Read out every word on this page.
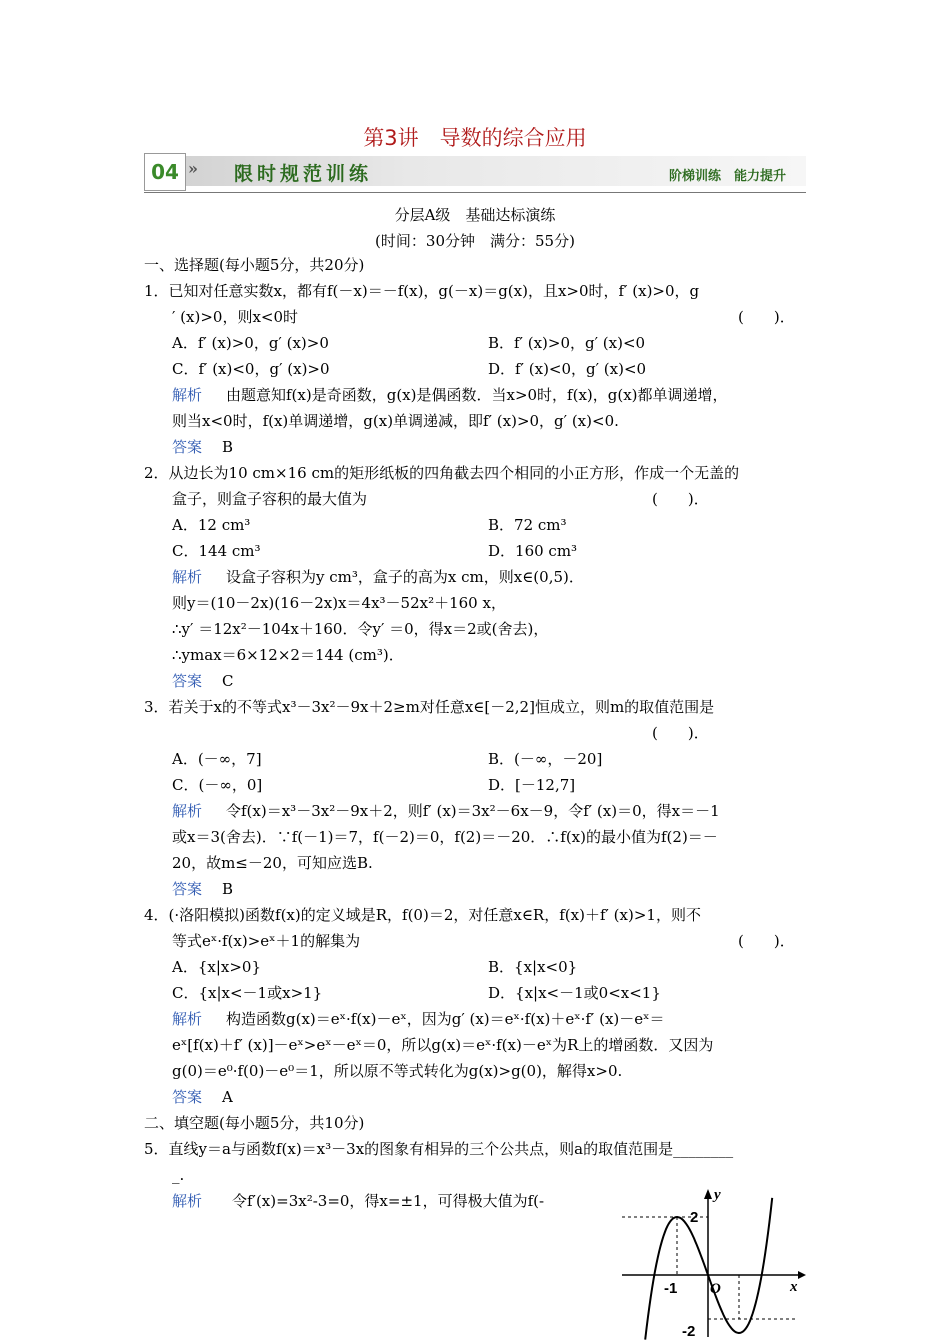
第3讲　导数的综合应用
04 » 限时规范训练	阶梯训练　能力提升
分层A级　基础达标演练
(时间：30分钟　满分：55分)
一、选择题(每小题5分，共20分)
1．已知对任意实数x，都有f(－x)＝－f(x)，g(－x)＝g(x)，且x>0时，f′ (x)>0，g
′ (x)>0，则x<0时	(　　)．
A．f′ (x)>0，g′ (x)>0	B．f′ (x)>0，g′ (x)<0
C．f′ (x)<0，g′ (x)>0	D．f′ (x)<0，g′ (x)<0
解析 由题意知f(x)是奇函数，g(x)是偶函数．当x>0时，f(x)，g(x)都单调递增，
则当x<0时，f(x)单调递增，g(x)单调递减，即f′ (x)>0，g′ (x)<0.
答案 B
2．从边长为10 cm×16 cm的矩形纸板的四角截去四个相同的小正方形，作成一个无盖的
盒子，则盒子容积的最大值为	(　　)．
A．12 cm³	B．72 cm³
C．144 cm³	D．160 cm³
解析 设盒子容积为y cm³，盒子的高为x cm，则x∈(0,5)．
则y＝(10－2x)(16－2x)x＝4x³－52x²＋160 x，
∴y′ ＝12x²－104x＋160．令y′ ＝0，得x＝2或(舍去)，
∴ymax＝6×12×2＝144 (cm³)．
答案 C
3．若关于x的不等式x³－3x²－9x＋2≥m对任意x∈[－2,2]恒成立，则m的取值范围是
(　　)．
A．(－∞，7]	B．(－∞，－20]
C．(－∞，0]	D．[－12,7]
解析 令f(x)＝x³－3x²－9x＋2，则f′ (x)＝3x²－6x－9，令f′ (x)＝0，得x＝－1
或x＝3(舍去)．∵f(－1)＝7，f(－2)＝0，f(2)＝－20．∴f(x)的最小值为f(2)＝－
20，故m≤－20，可知应选B.
答案 B
4．(·洛阳模拟)函数f(x)的定义域是R，f(0)＝2，对任意x∈R，f(x)＋f′ (x)>1，则不
等式eˣ·f(x)>eˣ＋1的解集为	(　　)．
A．{x|x>0}	B．{x|x<0}
C．{x|x<－1或x>1}	D．{x|x<－1或0<x<1}
解析 构造函数g(x)＝eˣ·f(x)－eˣ，因为g′ (x)＝eˣ·f(x)＋eˣ·f′ (x)－eˣ＝
eˣ[f(x)＋f′ (x)]－eˣ>eˣ－eˣ＝0，所以g(x)＝eˣ·f(x)－eˣ为R上的增函数．又因为
g(0)＝e⁰·f(0)－e⁰＝1，所以原不等式转化为g(x)>g(0)，解得x>0.
答案 A
二、填空题(每小题5分，共10分)
5．直线y＝a与函数f(x)＝x³－3x的图象有相异的三个公共点，则a的取值范围是________
_.
解析 令f′(x)=3x²-3=0，得x=±1，可得极大值为f(-	y
x
O
2
-1
-2
